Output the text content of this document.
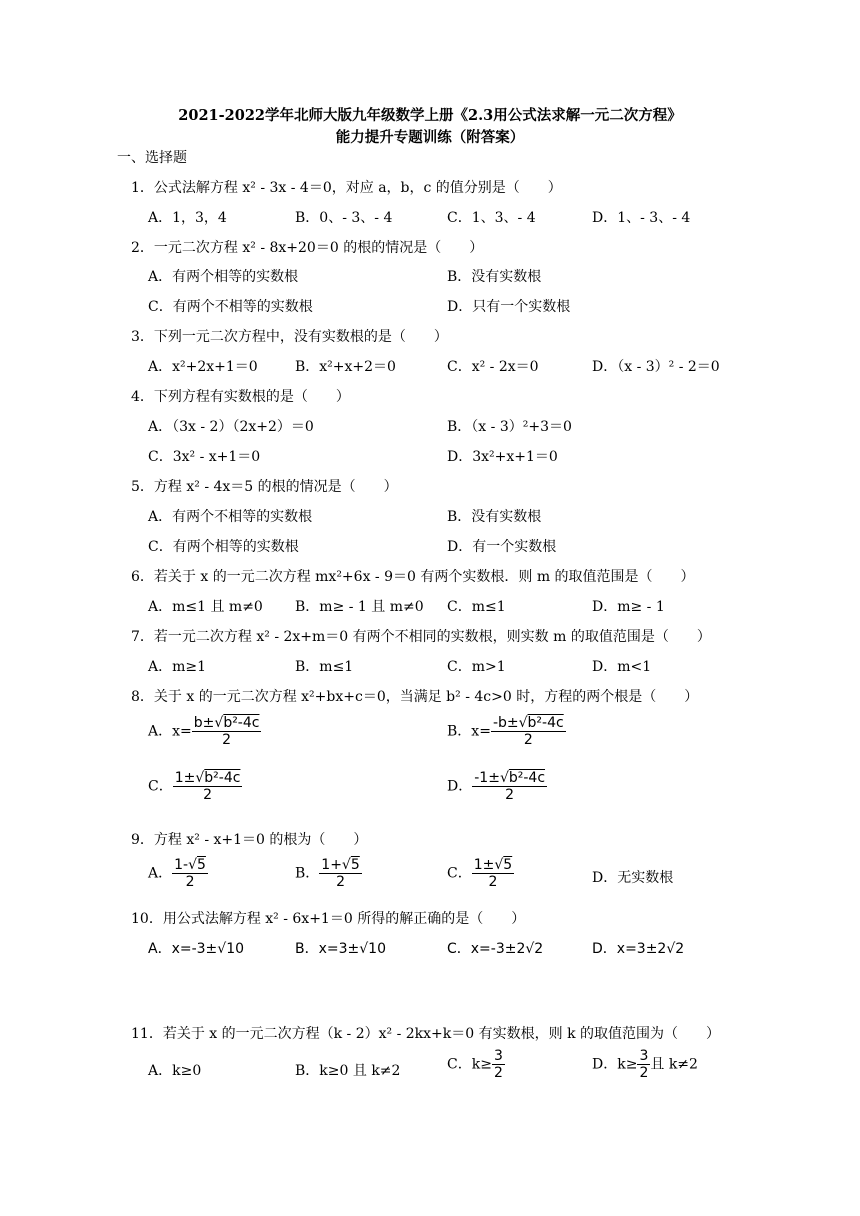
2021-2022学年北师大版九年级数学上册《2.3用公式法求解一元二次方程》
能力提升专题训练（附答案）
一、选择题
1．公式法解方程 x² - 3x - 4＝0，对应 a，b，c 的值分别是（　　）
A．1，3，4	B．0、- 3、- 4	C．1、3、- 4	D．1、- 3、- 4
2．一元二次方程 x² - 8x+20＝0 的根的情况是（　　）
A．有两个相等的实数根	B．没有实数根
C．有两个不相等的实数根	D．只有一个实数根
3．下列一元二次方程中，没有实数根的是（　　）
A．x²+2x+1＝0	B．x²+x+2＝0	C．x² - 2x＝0	D．（x - 3）² - 2＝0
4．下列方程有实数根的是（　　）
A．（3x - 2）（2x+2）＝0	B．（x - 3）²+3＝0
C．3x² - x+1＝0	D．3x²+x+1＝0
5．方程 x² - 4x＝5 的根的情况是（　　）
A．有两个不相等的实数根	B．没有实数根
C．有两个相等的实数根	D．有一个实数根
6．若关于 x 的一元二次方程 mx²+6x - 9＝0 有两个实数根．则 m 的取值范围是（　　）
A．m≤1 且 m≠0 B．m≥ - 1 且 m≠0 C．m≤1	D．m≥ - 1
7．若一元二次方程 x² - 2x+m＝0 有两个不相同的实数根，则实数 m 的取值范围是（　　）
A．m≥1	B．m≤1	C．m>1	D．m<1
8．关于 x 的一元二次方程 x²+bx+c＝0，当满足 b² - 4c>0 时，方程的两个根是（　　）
A．$x= \frac{\text{b±√b²-4c}}{2}$	B．$x= \frac{\text{-b±√b²-4c}}{2}$
C． $\frac{\text{1±√b²-4c}}{2}$	D． $\frac{\text{-1±√b²-4c}}{2}$
9．方程 x² - x+1＝0 的根为（　　）
A． $\frac{1-√5}{2}$	B． $\frac{1+√5}{2}$	C． $\frac{1\pm√5}{2}$	D．无实数根
10．用公式法解方程 x² - 6x+1＝0 所得的解正确的是（　　）
A．x=-3±√10	B．x=3±√10	C．x=-3±2√2	D．x=3±2√2
11．若关于 x 的一元二次方程（k - 2）x² - 2kx+k＝0 有实数根，则 k 的取值范围为（　　）
A．k≥0	B．k≥0 且 k≠2	C．$k\ge \frac{3}{2}$	D．$k\ge \frac{3}{2}$ 且 k≠2
